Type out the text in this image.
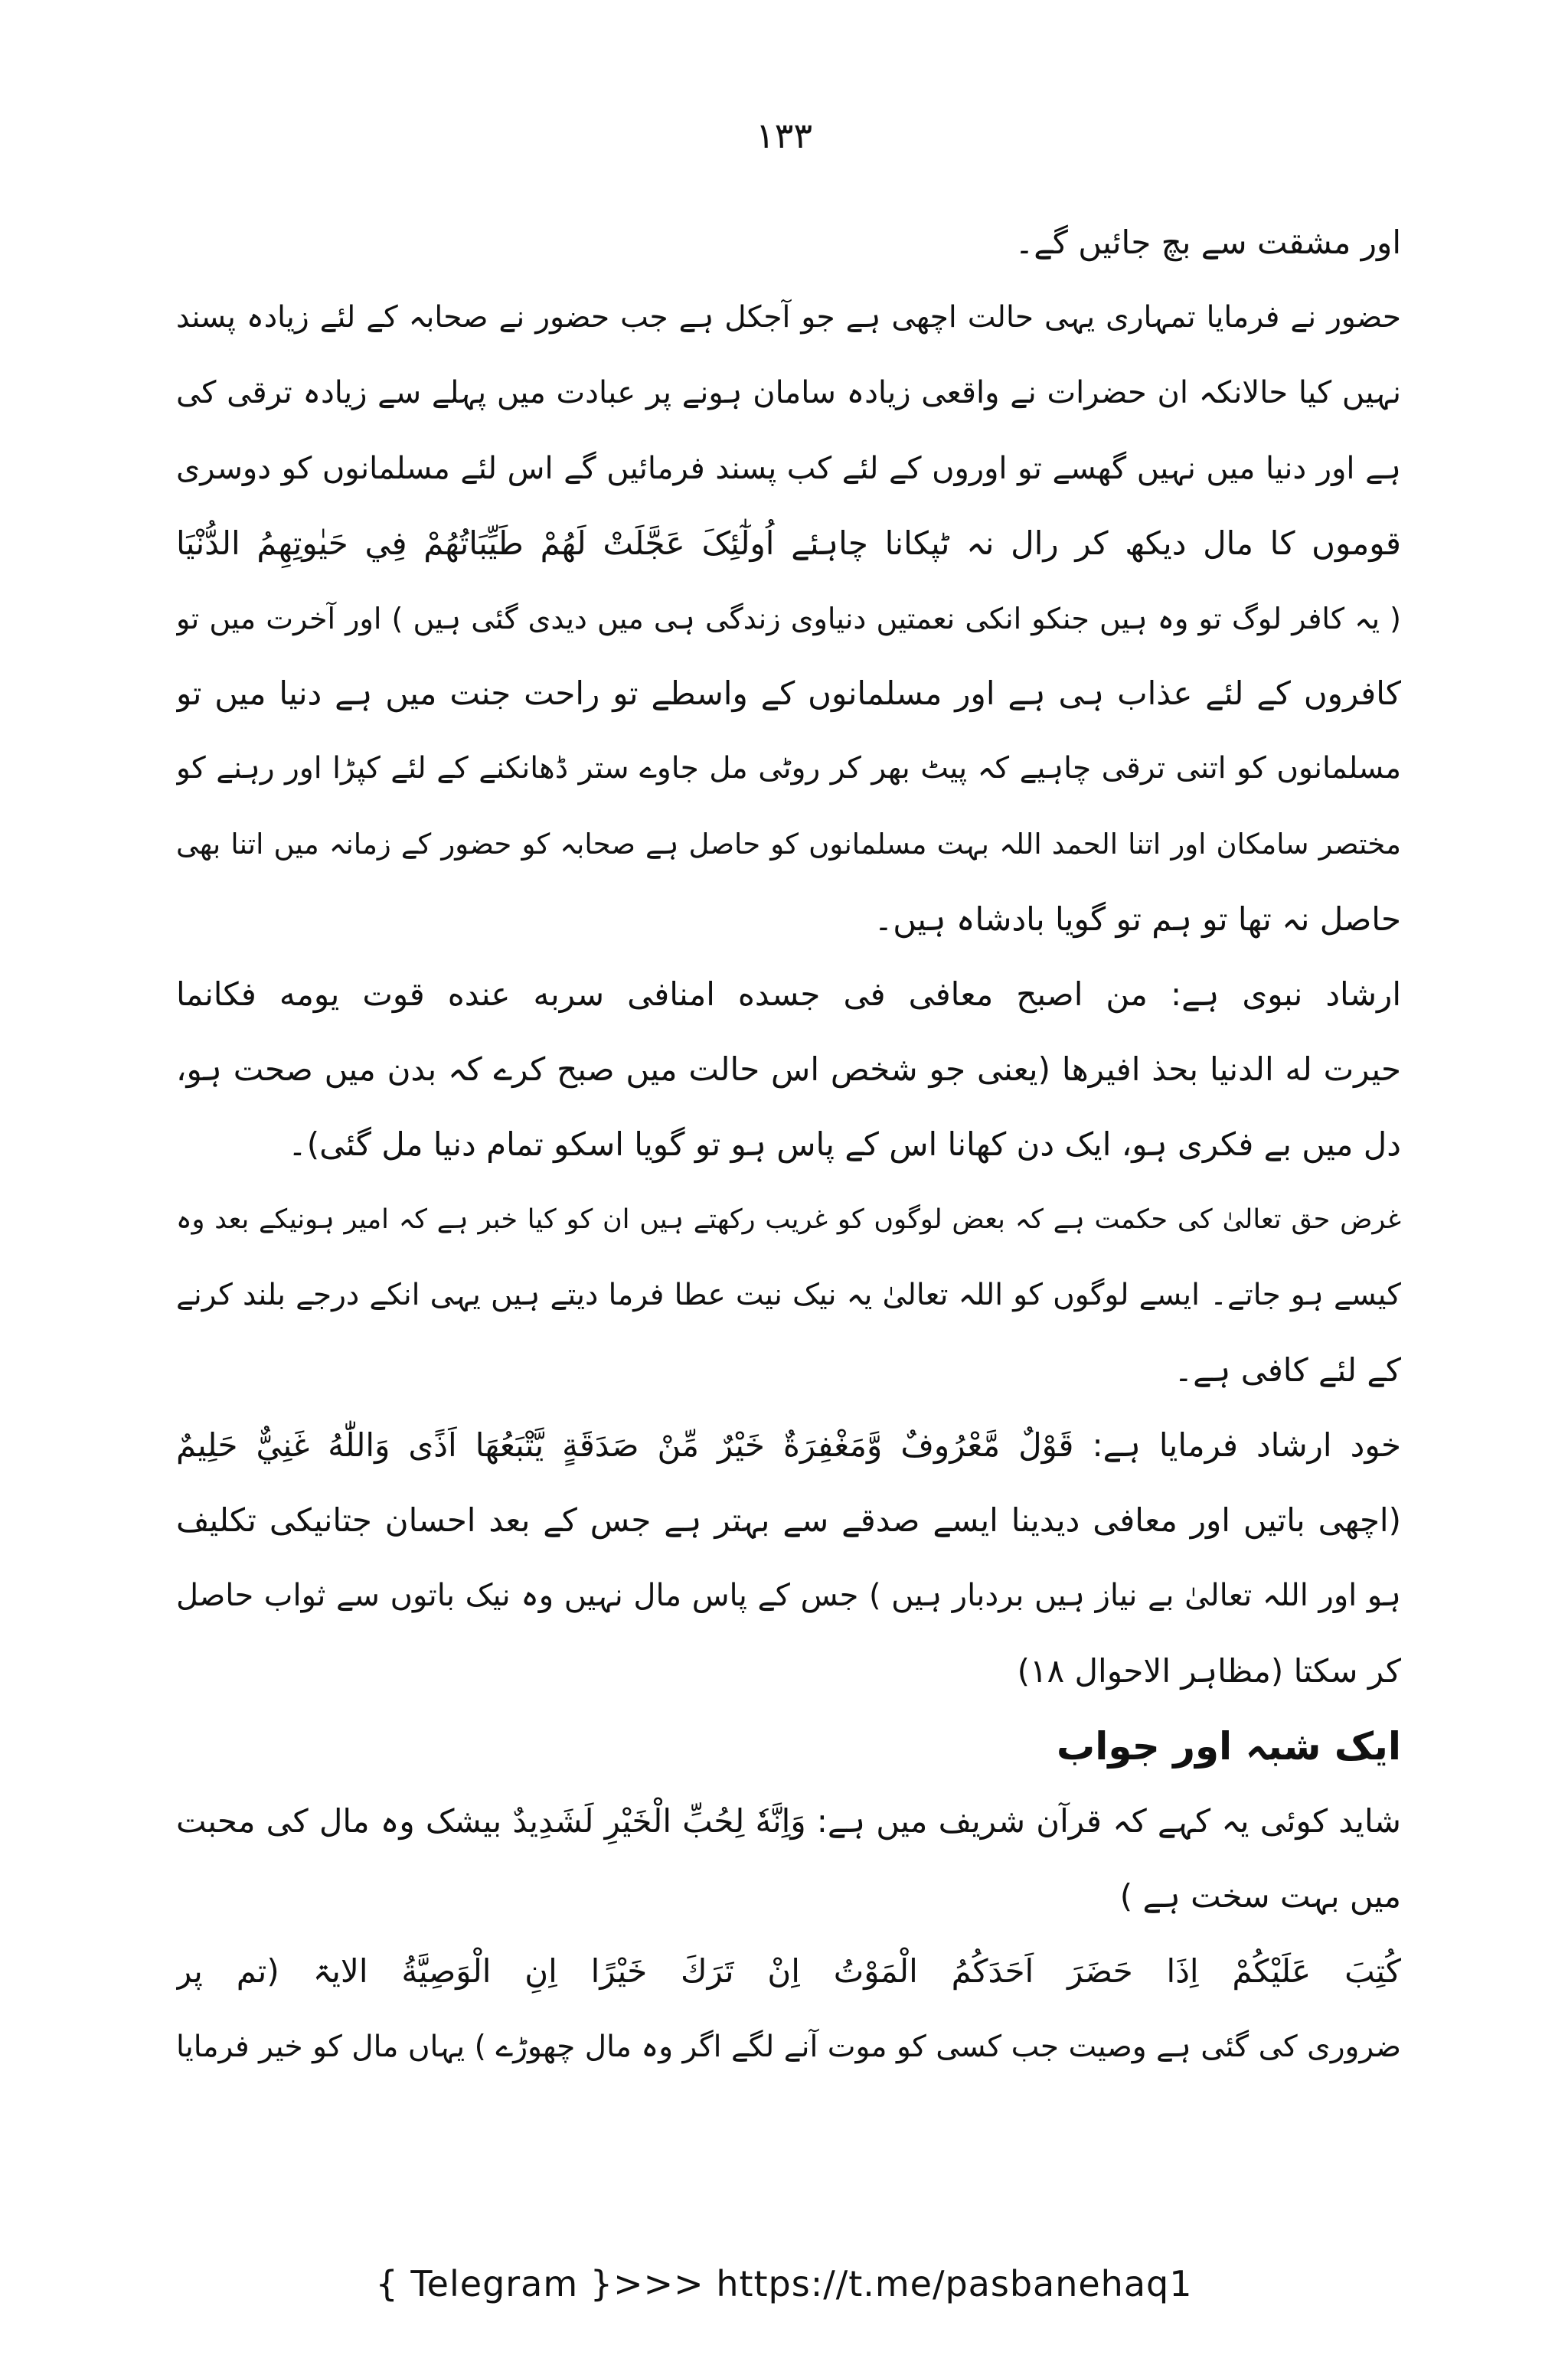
۱۳۳
اور مشقت سے بچ جائیں گے۔
حضور نے فرمایا تمہاری یہی حالت اچھی ہے جو آجکل ہے جب حضور نے صحابہ کے لئے زیادہ پسند
نہیں کیا حالانکہ ان حضرات نے واقعی زیادہ سامان ہونے پر عبادت میں پہلے سے زیادہ ترقی کی
ہے اور دنیا میں نہیں گھسے تو اوروں کے لئے کب پسند فرمائیں گے اس لئے مسلمانوں کو دوسری
قوموں کا مال دیکھ کر رال نہ ٹپکانا چاہئے اُولٰٓئِکَ عَجَّلَتْ لَهُمْ طَيِّبَاتُهُمْ فِي حَيٰوتِهِمُ الدُّنْيَا
( یہ کافر لوگ تو وہ ہیں جنکو انکی نعمتیں دنیاوی زندگی ہی میں دیدی گئی ہیں ) اور آخرت میں تو
کافروں کے لئے عذاب ہی ہے اور مسلمانوں کے واسطے تو راحت جنت میں ہے دنیا میں تو
مسلمانوں کو اتنی ترقی چاہیے کہ پیٹ بھر کر روٹی مل جاوے ستر ڈھانکنے کے لئے کپڑا اور رہنے کو
مختصر سامکان اور اتنا الحمد اللہ بہت مسلمانوں کو حاصل ہے صحابہ کو حضور کے زمانہ میں اتنا بھی
حاصل نہ تھا تو ہم تو گویا بادشاہ ہیں۔
ارشاد نبوی ہے: من اصبح معافی فی جسده امنافی سربه عنده قوت یومه فکانما
حیرت له الدنیا بحذ افیرها (یعنی جو شخص اس حالت میں صبح کرے کہ بدن میں صحت ہو،
دل میں بے فکری ہو، ایک دن کھانا اس کے پاس ہو تو گویا اسکو تمام دنیا مل گئی)۔
غرض حق تعالیٰ کی حکمت ہے کہ بعض لوگوں کو غریب رکھتے ہیں ان کو کیا خبر ہے کہ امیر ہونیکے بعد وہ
کیسے ہو جاتے۔ ایسے لوگوں کو اللہ تعالیٰ یہ نیک نیت عطا فرما دیتے ہیں یہی انکے درجے بلند کرنے
کے لئے کافی ہے۔
خود ارشاد فرمایا ہے: قَوْلٌ مَّعْرُوفٌ وَّمَغْفِرَةٌ خَيْرٌ مِّنْ صَدَقَةٍ يَّتْبَعُهَا اَذًى وَاللّٰهُ غَنِيٌّ حَلِيمٌ
(اچھی باتیں اور معافی دیدینا ایسے صدقے سے بہتر ہے جس کے بعد احسان جتانیکی تکلیف
ہو اور اللہ تعالیٰ بے نیاز ہیں بردبار ہیں ) جس کے پاس مال نہیں وہ نیک باتوں سے ثواب حاصل
کر سکتا (مظاہر الاحوال ۱۸)
ایک شبہ اور جواب
شاید کوئی یہ کہے کہ قرآن شریف میں ہے: وَاِنَّهٗ لِحُبِّ الْخَيْرِ لَشَدِيدٌ بیشک وہ مال کی محبت
میں بہت سخت ہے )
كُتِبَ عَلَيْكُمْ اِذَا حَضَرَ اَحَدَكُمُ الْمَوْتُ اِنْ تَرَكَ خَيْرًا اِنِ الْوَصِيَّةُ الایۃ (تم پر
ضروری کی گئی ہے وصیت جب کسی کو موت آنے لگے اگر وہ مال چھوڑے ) یہاں مال کو خیر فرمایا
{ Telegram }>>> https://t.me/pasbanehaq1
